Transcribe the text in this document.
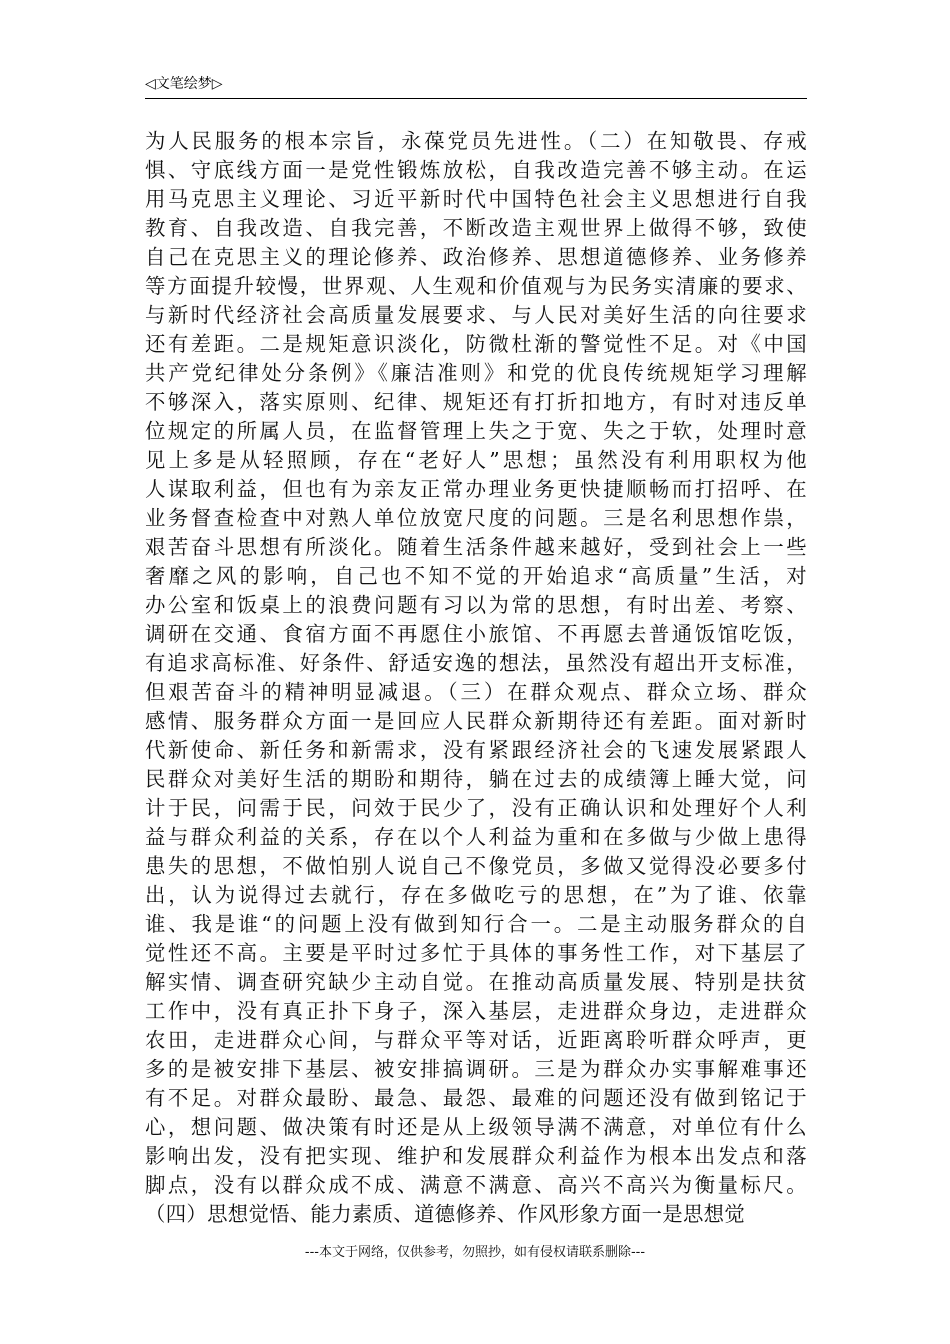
◁文笔绘梦▷
为人民服务的根本宗旨，永葆党员先进性。（二）在知敬畏、存戒
惧、守底线方面一是党性锻炼放松，自我改造完善不够主动。在运
用马克思主义理论、习近平新时代中国特色社会主义思想进行自我
教育、自我改造、自我完善，不断改造主观世界上做得不够，致使
自己在克思主义的理论修养、政治修养、思想道德修养、业务修养
等方面提升较慢，世界观、人生观和价值观与为民务实清廉的要求、
与新时代经济社会高质量发展要求、与人民对美好生活的向往要求
还有差距。二是规矩意识淡化，防微杜渐的警觉性不足。对《中国
共产党纪律处分条例》《廉洁准则》和党的优良传统规矩学习理解
不够深入，落实原则、纪律、规矩还有打折扣地方，有时对违反单
位规定的所属人员，在监督管理上失之于宽、失之于软，处理时意
见上多是从轻照顾，存在“老好人”思想；虽然没有利用职权为他
人谋取利益，但也有为亲友正常办理业务更快捷顺畅而打招呼、在
业务督查检查中对熟人单位放宽尺度的问题。三是名利思想作祟，
艰苦奋斗思想有所淡化。随着生活条件越来越好，受到社会上一些
奢靡之风的影响，自己也不知不觉的开始追求“高质量”生活，对
办公室和饭桌上的浪费问题有习以为常的思想，有时出差、考察、
调研在交通、食宿方面不再愿住小旅馆、不再愿去普通饭馆吃饭，
有追求高标准、好条件、舒适安逸的想法，虽然没有超出开支标准，
但艰苦奋斗的精神明显减退。（三）在群众观点、群众立场、群众
感情、服务群众方面一是回应人民群众新期待还有差距。面对新时
代新使命、新任务和新需求，没有紧跟经济社会的飞速发展紧跟人
民群众对美好生活的期盼和期待，躺在过去的成绩簿上睡大觉，问
计于民，问需于民，问效于民少了，没有正确认识和处理好个人利
益与群众利益的关系，存在以个人利益为重和在多做与少做上患得
患失的思想，不做怕别人说自己不像党员，多做又觉得没必要多付
出，认为说得过去就行，存在多做吃亏的思想，在”为了谁、依靠
谁、我是谁“的问题上没有做到知行合一。二是主动服务群众的自
觉性还不高。主要是平时过多忙于具体的事务性工作，对下基层了
解实情、调查研究缺少主动自觉。在推动高质量发展、特别是扶贫
工作中，没有真正扑下身子，深入基层，走进群众身边，走进群众
农田，走进群众心间，与群众平等对话，近距离聆听群众呼声，更
多的是被安排下基层、被安排搞调研。三是为群众办实事解难事还
有不足。对群众最盼、最急、最怨、最难的问题还没有做到铭记于
心，想问题、做决策有时还是从上级领导满不满意，对单位有什么
影响出发，没有把实现、维护和发展群众利益作为根本出发点和落
脚点，没有以群众成不成、满意不满意、高兴不高兴为衡量标尺。
（四）思想觉悟、能力素质、道德修养、作风形象方面一是思想觉
---本文于网络，仅供参考，勿照抄，如有侵权请联系删除---
